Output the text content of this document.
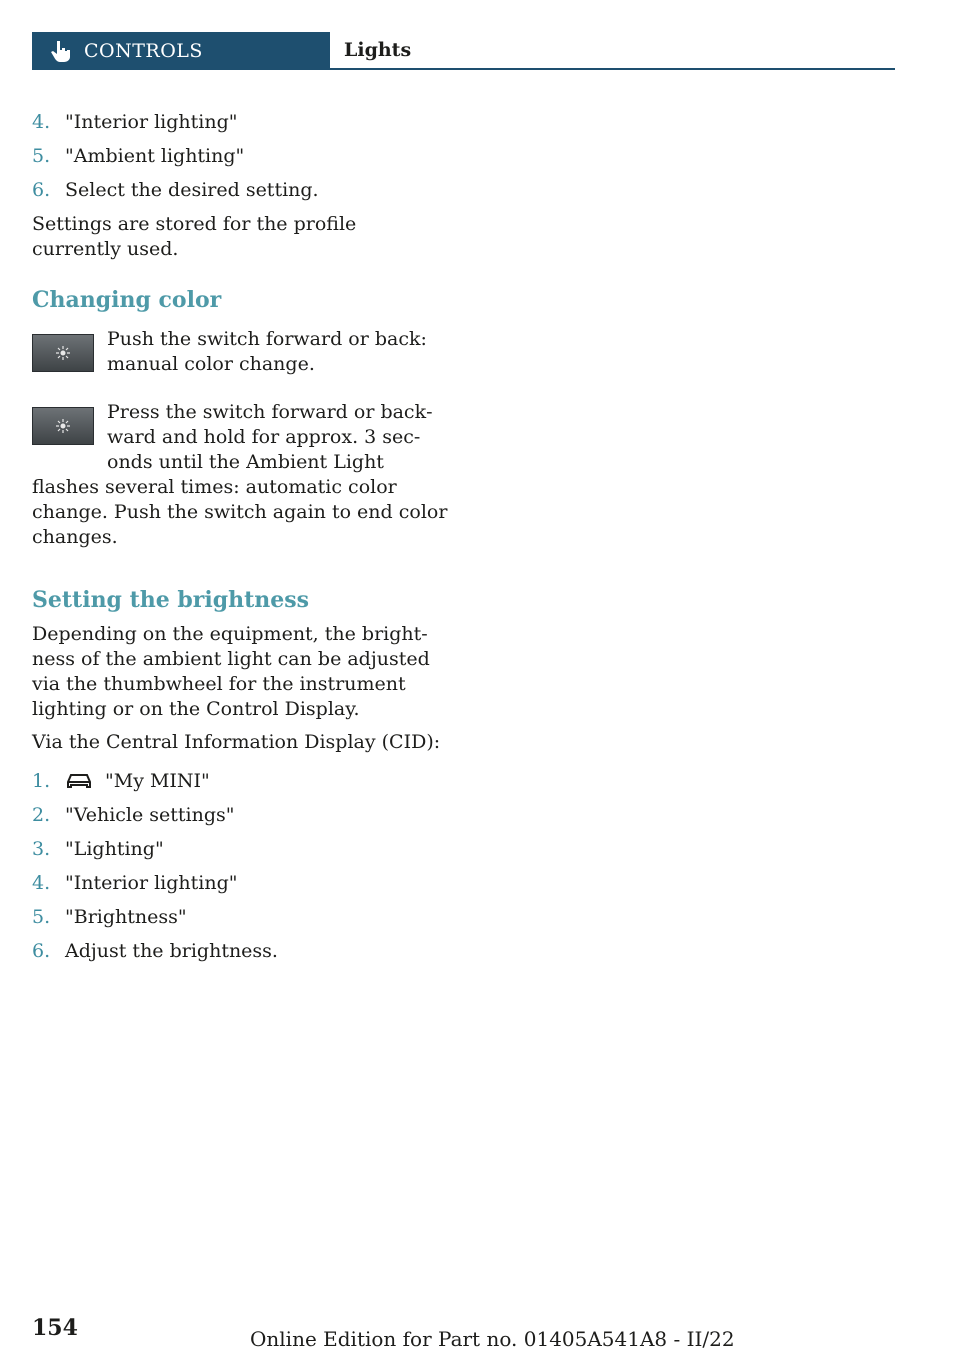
CONTROLS	Lights
4. "Interior lighting"
5. "Ambient lighting"
6. Select the desired setting.
Settings are stored for the profile currently used.
Changing color
Push the switch forward or back: manual color change.
Press the switch forward or back‐
ward and hold for approx. 3 sec‐
onds until the Ambient Light
flashes several times: automatic color
change. Push the switch again to end color
changes.
Setting the brightness
Depending on the equipment, the bright‐
ness of the ambient light can be adjusted
via the thumbwheel for the instrument
lighting or on the Control Display.
Via the Central Information Display (CID):
1.	"My MINI"
2. "Vehicle settings"
3. "Lighting"
4. "Interior lighting"
5. "Brightness"
6. Adjust the brightness.
154	Online Edition for Part no. 01405A541A8 - II/22
